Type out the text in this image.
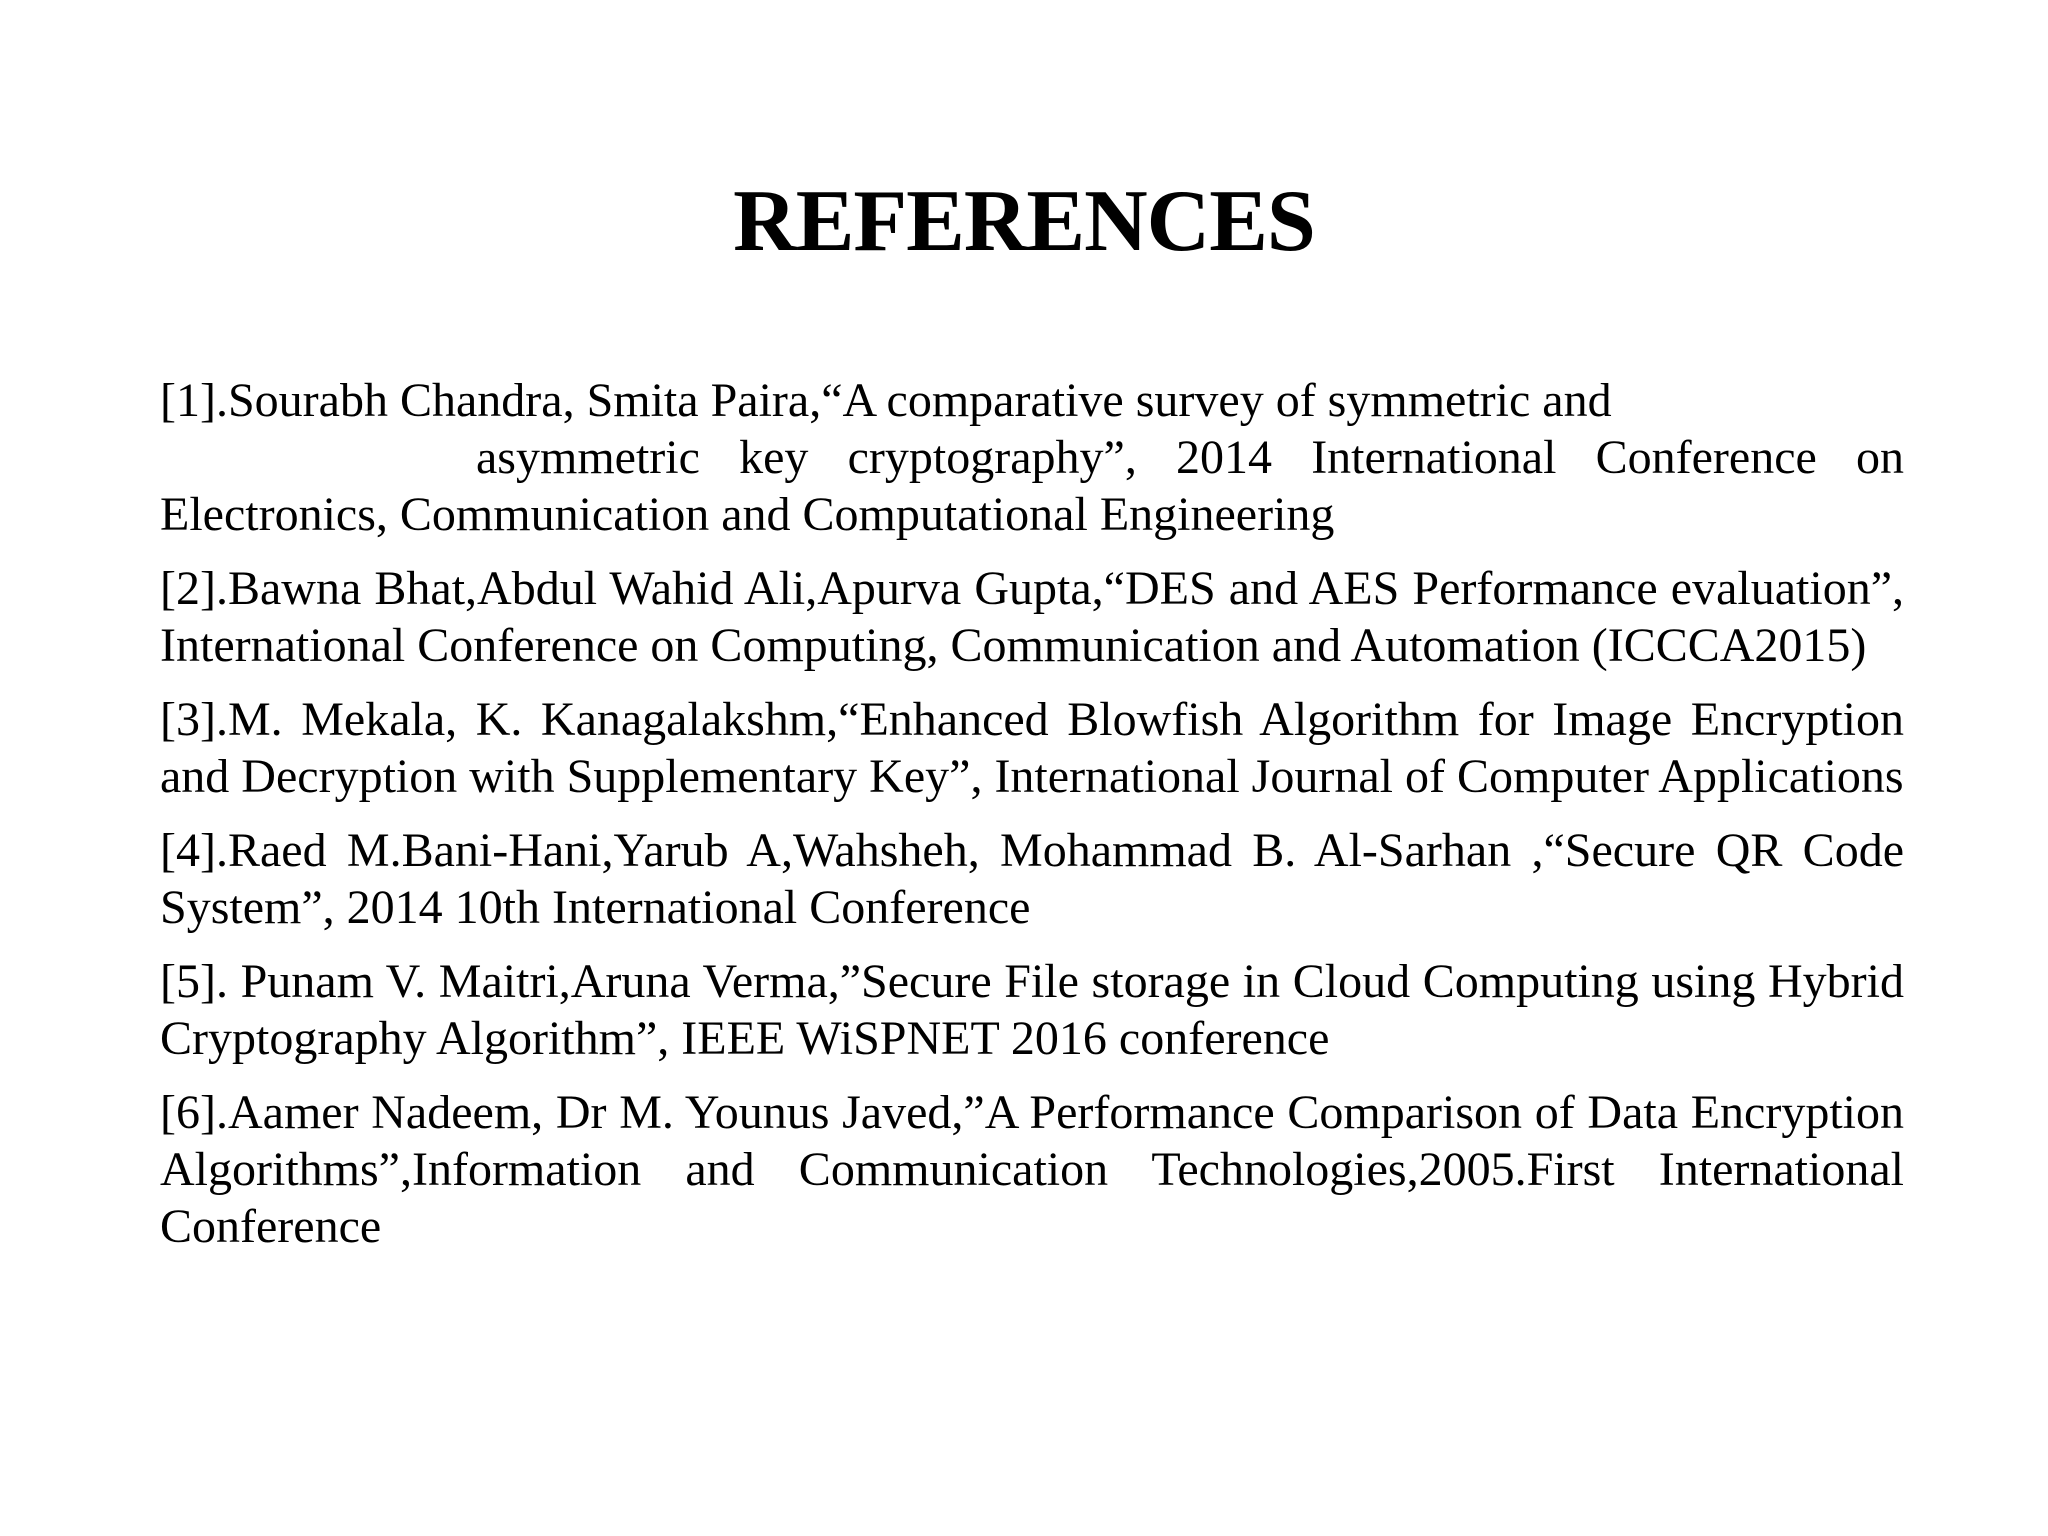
REFERENCES

[1].Sourabh Chandra, Smita Paira,“A comparative survey of symmetric and
asymmetric key cryptography”, 2014 International Conference on
Electronics, Communication and Computational Engineering

[2].Bawna Bhat,Abdul Wahid Ali,Apurva Gupta,“DES and AES Performance evaluation”, International Conference on Computing, Communication and Automation (ICCCA2015)

[3].M. Mekala, K. Kanagalakshm,“Enhanced Blowfish Algorithm for Image Encryption and Decryption with Supplementary Key”, International Journal of Computer Applications

[4].Raed M.Bani-Hani,Yarub A,Wahsheh, Mohammad B. Al-Sarhan ,“Secure QR Code System”, 2014 10th International Conference

[5]. Punam V. Maitri,Aruna Verma,”Secure File storage in Cloud Computing using Hybrid Cryptography Algorithm”, IEEE WiSPNET 2016 conference

[6].Aamer Nadeem, Dr M. Younus Javed,”A Performance Comparison of Data Encryption Algorithms”,Information and Communication Technologies,2005.First International Conference
